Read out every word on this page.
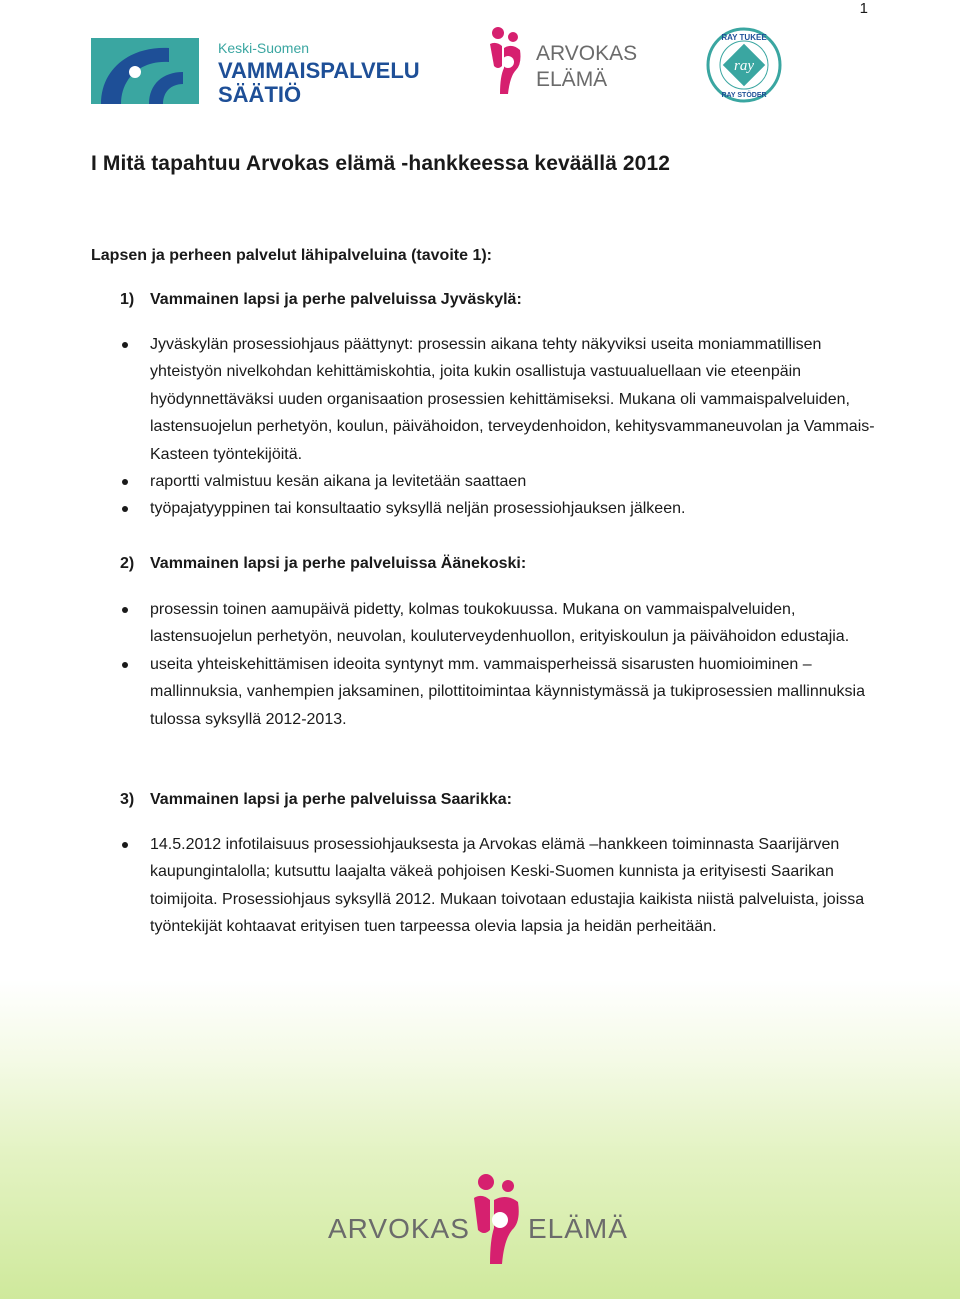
1
Keski-Suomen
VAMMAISPALVELU
SÄÄTIÖ
ARVOKAS
ELÄMÄ
ray
RAY TUKEE
RAY STÖDER
I Mitä tapahtuu Arvokas elämä -hankkeessa keväällä 2012
Lapsen ja perheen palvelut lähipalveluina (tavoite 1):
1) Vammainen lapsi ja perhe palveluissa Jyväskylä:
Jyväskylän prosessiohjaus päättynyt: prosessin aikana tehty näkyviksi useita moniammatillisen yhteistyön nivelkohdan kehittämiskohtia, joita kukin osallistuja vastuualuellaan vie eteenpäin hyödynnettäväksi uuden organisaation prosessien kehittämiseksi. Mukana oli vammaispalveluiden, lastensuojelun perhetyön, koulun, päivähoidon, terveydenhoidon, kehitysvammaneuvolan ja Vammais-Kasteen työntekijöitä.
raportti valmistuu kesän aikana ja levitetään saattaen
työpajatyyppinen tai konsultaatio syksyllä neljän prosessiohjauksen jälkeen.
2) Vammainen lapsi ja perhe palveluissa Äänekoski:
prosessin toinen aamupäivä pidetty, kolmas toukokuussa. Mukana on vammaispalveluiden, lastensuojelun perhetyön, neuvolan, kouluterveydenhuollon, erityiskoulun ja päivähoidon edustajia.
useita yhteiskehittämisen ideoita syntynyt mm. vammaisperheissä sisarusten huomioiminen – mallinnuksia, vanhempien jaksaminen, pilottitoimintaa käynnistymässä ja tukiprosessien mallinnuksia tulossa syksyllä 2012-2013.
3) Vammainen lapsi ja perhe palveluissa Saarikka:
14.5.2012 infotilaisuus prosessiohjauksesta ja Arvokas elämä –hankkeen toiminnasta Saarijärven kaupungintalolla; kutsuttu laajalta väkeä pohjoisen Keski-Suomen kunnista ja erityisesti Saarikan toimijoita. Prosessiohjaus syksyllä 2012. Mukaan toivotaan edustajia kaikista niistä palveluista, joissa työntekijät kohtaavat erityisen tuen tarpeessa olevia lapsia ja heidän perheitään.
ARVOKAS ELÄMÄ
